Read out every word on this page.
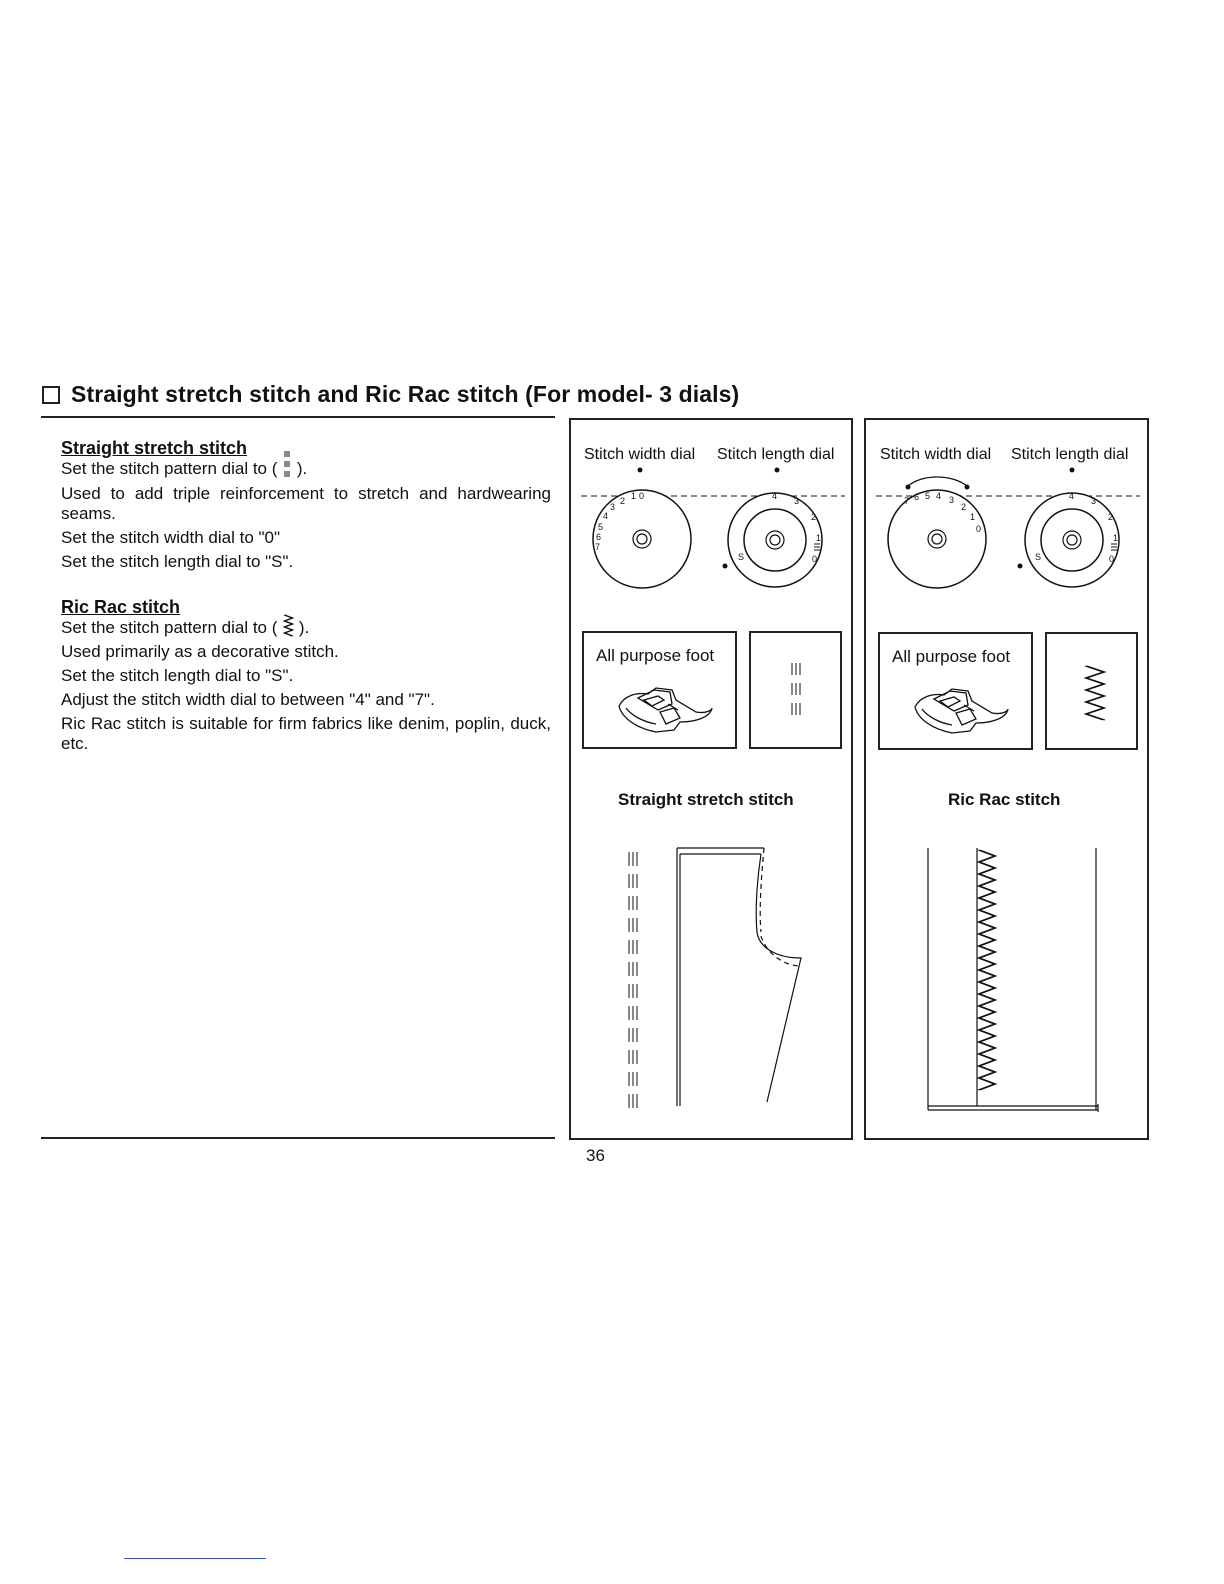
Straight stretch stitch and Ric Rac stitch (For model- 3 dials)
Straight stretch stitch

Set the stitch pattern dial to ( ).

Used to add triple reinforcement to stretch and hardwearing seams.

Set the stitch width dial to "0"

Set the stitch length dial to "S".

Ric Rac stitch

Set the stitch pattern dial to ( ).

Used primarily as a decorative stitch.

Set the stitch length dial to "S".

Adjust the stitch width dial to between "4" and "7".

Ric Rac stitch is suitable for firm fabrics like denim, poplin, duck, etc.

Stitch width dial Stitch length dial
1 0
2
3
4
5
6
7
4 3
2
1
0
S
All purpose foot
Straight stretch stitch
Stitch width dial Stitch length dial
7 6 5 4 3
2
1
0
4 3
2
1
0
S
All purpose foot
Ric Rac stitch
36
